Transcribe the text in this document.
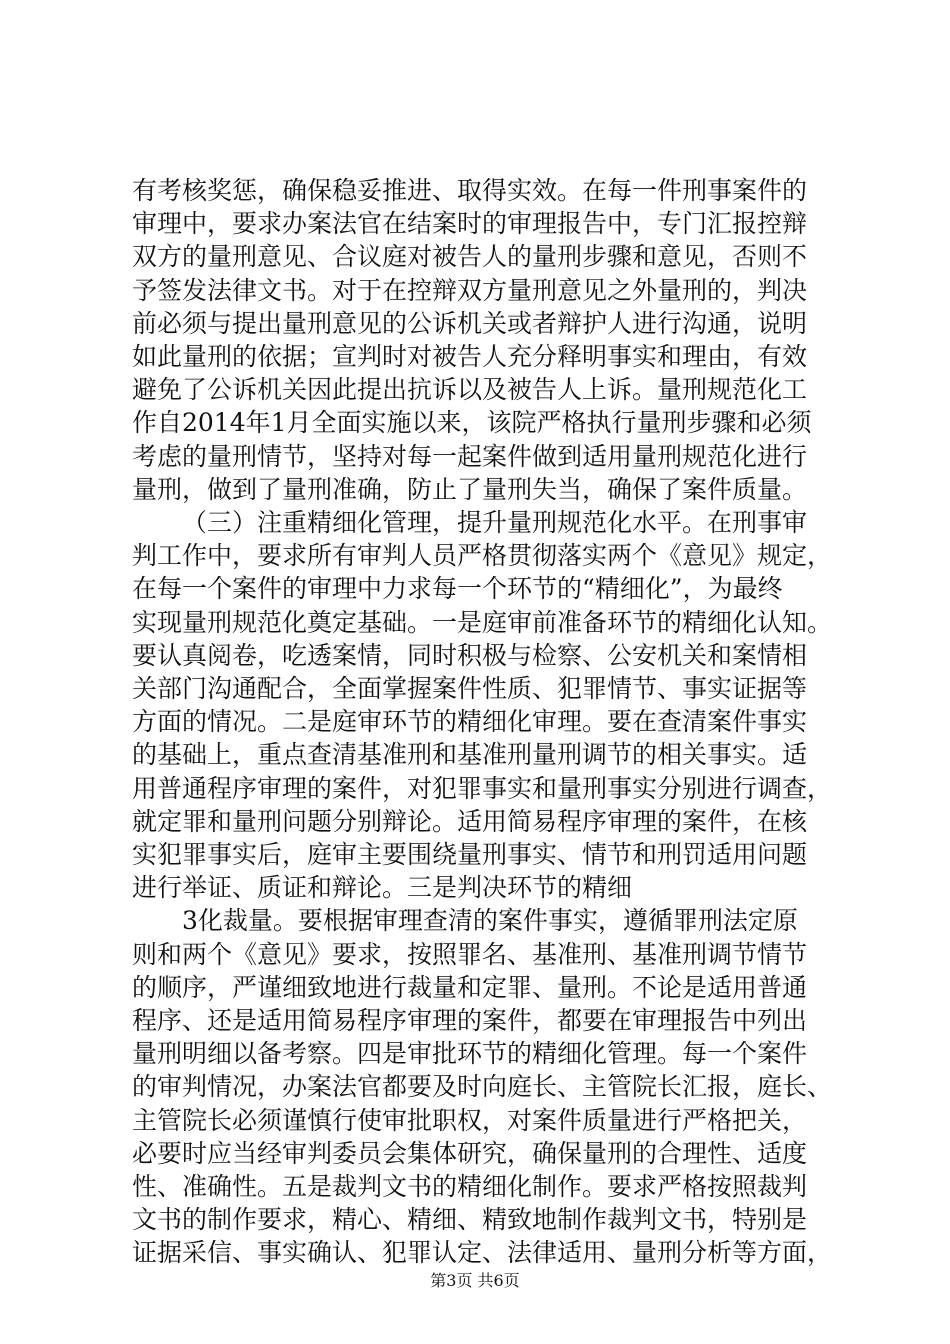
有考核奖惩，确保稳妥推进、取得实效。在每一件刑事案件的
审理中，要求办案法官在结案时的审理报告中，专门汇报控辩
双方的量刑意见、合议庭对被告人的量刑步骤和意见，否则不
予签发法律文书。对于在控辩双方量刑意见之外量刑的，判决
前必须与提出量刑意见的公诉机关或者辩护人进行沟通，说明
如此量刑的依据；宣判时对被告人充分释明事实和理由，有效
避免了公诉机关因此提出抗诉以及被告人上诉。量刑规范化工
作自2014年1月全面实施以来，该院严格执行量刑步骤和必须
考虑的量刑情节，坚持对每一起案件做到适用量刑规范化进行
量刑，做到了量刑准确，防止了量刑失当，确保了案件质量。
（三）注重精细化管理，提升量刑规范化水平。在刑事审
判工作中，要求所有审判人员严格贯彻落实两个《意见》规定，
在每一个案件的审理中力求每一个环节的“精细化”，为最终
实现量刑规范化奠定基础。一是庭审前准备环节的精细化认知。
要认真阅卷，吃透案情，同时积极与检察、公安机关和案情相
关部门沟通配合，全面掌握案件性质、犯罪情节、事实证据等
方面的情况。二是庭审环节的精细化审理。要在查清案件事实
的基础上，重点查清基准刑和基准刑量刑调节的相关事实。适
用普通程序审理的案件，对犯罪事实和量刑事实分别进行调查，
就定罪和量刑问题分别辩论。适用简易程序审理的案件，在核
实犯罪事实后，庭审主要围绕量刑事实、情节和刑罚适用问题
进行举证、质证和辩论。三是判决环节的精细
3化裁量。要根据审理查清的案件事实，遵循罪刑法定原
则和两个《意见》要求，按照罪名、基准刑、基准刑调节情节
的顺序，严谨细致地进行裁量和定罪、量刑。不论是适用普通
程序、还是适用简易程序审理的案件，都要在审理报告中列出
量刑明细以备考察。四是审批环节的精细化管理。每一个案件
的审判情况，办案法官都要及时向庭长、主管院长汇报，庭长、
主管院长必须谨慎行使审批职权，对案件质量进行严格把关，
必要时应当经审判委员会集体研究，确保量刑的合理性、适度
性、准确性。五是裁判文书的精细化制作。要求严格按照裁判
文书的制作要求，精心、精细、精致地制作裁判文书，特别是
证据采信、事实确认、犯罪认定、法律适用、量刑分析等方面，
第3页 共6页
